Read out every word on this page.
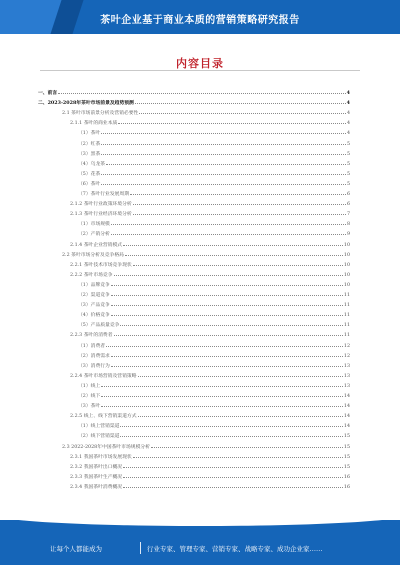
茶叶企业基于商业本质的营销策略研究报告
内容目录
一、前言	4
二、2023-2028年茶叶市场前景及趋势预测	4
2.1 茶叶市场前景分析及营销必要性	4
2.1.1 茶叶的商业本质	4
（1）茶叶	4
（2）红茶	5
（3）黑茶	5
（4）乌龙茶	5
（5）花茶	5
（6）茶叶	5
（7）茶叶行业发展周期	6
2.1.2 茶叶行业政策环境分析	6
2.1.3 茶叶行业经济环境分析	7
（1）市场规模	8
（2）产销分析	9
2.1.4 茶叶企业营销模式	10
2.2 茶叶市场分析及竞争格局	10
2.2.1 茶叶技术市场竞争现状	10
2.2.2 茶叶市场竞争	10
（1）品牌竞争	10
（2）渠道竞争	11
（3）产品竞争	11
（4）价格竞争	11
（5）产品质量竞争	11
2.2.3 茶叶的消费者	11
（1）消费者	12
（2）消费需求	12
（3）消费行为	13
2.2.4 茶叶市场营销及营销策略	13
（1）线上	13
（2）线下	14
（3）茶叶	14
2.2.5 线上、线下营销渠道方式	14
（1）线上营销渠道	14
（2）线下营销渠道	15
2.3 2022-2028年中国茶叶市场规模分析	15
2.3.1 我国茶叶市场发展现状	15
2.3.2 我国茶叶出口概况	15
2.3.3 我国茶叶生产概况	16
2.3.4 我国茶叶消费概况	16
让每个人都能成为	行业专家、管理专家、营销专家、战略专家、成功企业家……
